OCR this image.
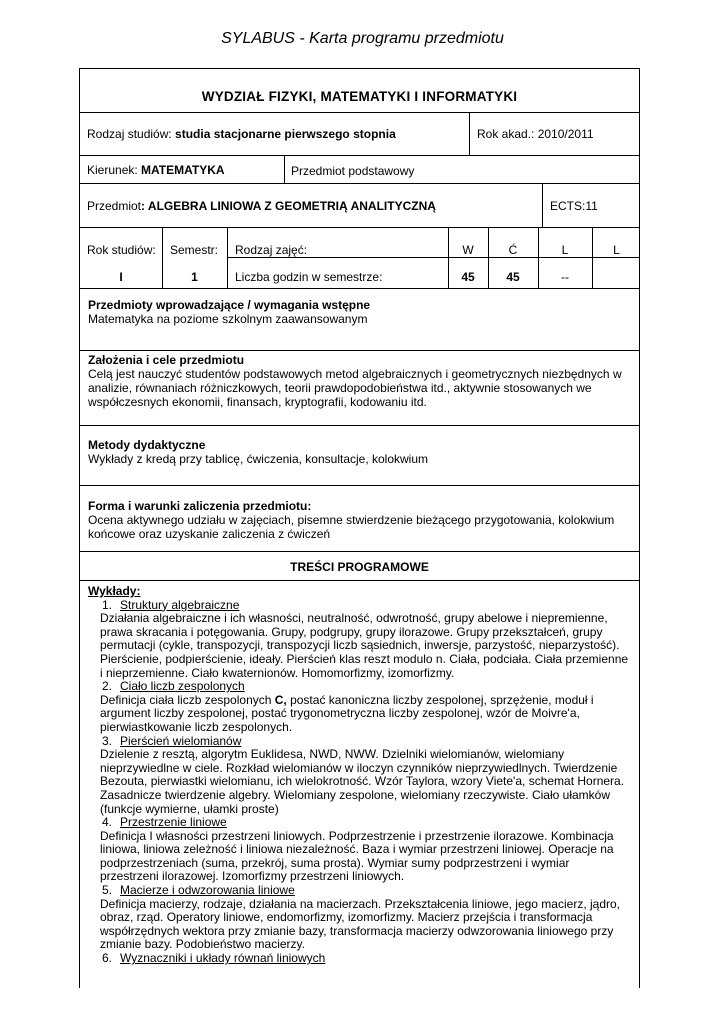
SYLABUS - Karta programu przedmiotu
WYDZIAŁ FIZYKI, MATEMATYKI I INFORMATYKI
Rodzaj studiów: studia stacjonarne pierwszego stopnia	Rok akad.: 2010/2011
Kierunek: MATEMATYKA	Przedmiot podstawowy
Przedmiot: ALGEBRA LINIOWA Z GEOMETRIĄ ANALITYCZNĄ	ECTS:11
Rok studiów: Semestr: Rodzaj zajęć:	W	Ć	L	L
I	1	Liczba godzin w semestrze:	45	45	--
Przedmioty wprowadzające / wymagania wstępne
Matematyka na poziome szkolnym zaawansowanym
Założenia i cele przedmiotu
Celą jest nauczyć studentów podstawowych metod algebraicznych i geometrycznych niezbędnych w analizie, równaniach różniczkowych, teorii prawdopodobieństwa itd., aktywnie stosowanych we współczesnych ekonomii, finansach, kryptografii, kodowaniu itd.
Metody dydaktyczne
Wykłady z kredą przy tablicę, ćwiczenia, konsultacje, kolokwium
Forma i warunki zaliczenia przedmiotu:
Ocena aktywnego udziału w zajęciach, pisemne stwierdzenie bieżącego przygotowania, kolokwium końcowe oraz uzyskanie zaliczenia z ćwiczeń
TREŚCI PROGRAMOWE
Wykłady:
1. Struktury algebraiczne
Działania algebraiczne i ich własności, neutralność, odwrotność, grupy abelowe i niepremienne, prawa skracania i potęgowania. Grupy, podgrupy, grupy ilorazowe. Grupy przekształceń, grupy permutacji (cykle, transpozycji, transpozycji liczb sąsiednich, inwersje, parzystość, nieparzystość). Pierścienie, podpierścienie, ideały. Pierścień klas reszt modulo n. Ciała, podciała. Ciała przemienne i nieprzemienne. Ciało kwaternionów. Homomorfizmy, izomorfizmy.
2. Ciało liczb zespolonych
Definicja ciała liczb zespolonych C, postać kanoniczna liczby zespolonej, sprzężenie, moduł i argument liczby zespolonej, postać trygonometryczna liczby zespolonej, wzór de Moivre'a, pierwiastkowanie liczb zespolonych.
3. Pierścień wielomianów
Dzielenie z resztą, algorytm Euklidesa, NWD, NWW. Dzielniki wielomianów, wielomiany nieprzywiedlne w ciele. Rozkład wielomianów w iloczyn czynników nieprzywiedlnych. Twierdzenie Bezouta, pierwiastki wielomianu, ich wielokrotność. Wzór Taylora, wzory Viete'a, schemat Hornera. Zasadnicze twierdzenie algebry. Wielomiany zespolone, wielomiany rzeczywiste. Ciało ułamków (funkcje wymierne, ułamki proste)
4. Przestrzenie liniowe
Definicja I własności przestrzeni liniowych. Podprzestrzenie i przestrzenie ilorazowe. Kombinacja liniowa, liniowa zeleżność i liniowa niezależność. Baza i wymiar przestrzeni liniowej. Operacje na podprzestrzeniach (suma, przekrój, suma prosta). Wymiar sumy podprzestrzeni i wymiar przestrzeni ilorazowej. Izomorfizmy przestrzeni liniowych.
5. Macierze i odwzorowania liniowe
Definicja macierzy, rodzaje, działania na macierzach. Przekształcenia liniowe, jego macierz, jądro, obraz, rząd. Operatory liniowe, endomorfizmy, izomorfizmy. Macierz przejścia i transformacja współrzędnych wektora przy zmianie bazy, transformacja macierzy odwzorowania liniowego przy zmianie bazy. Podobieństwo macierzy.
6. Wyznaczniki i układy równań liniowych
